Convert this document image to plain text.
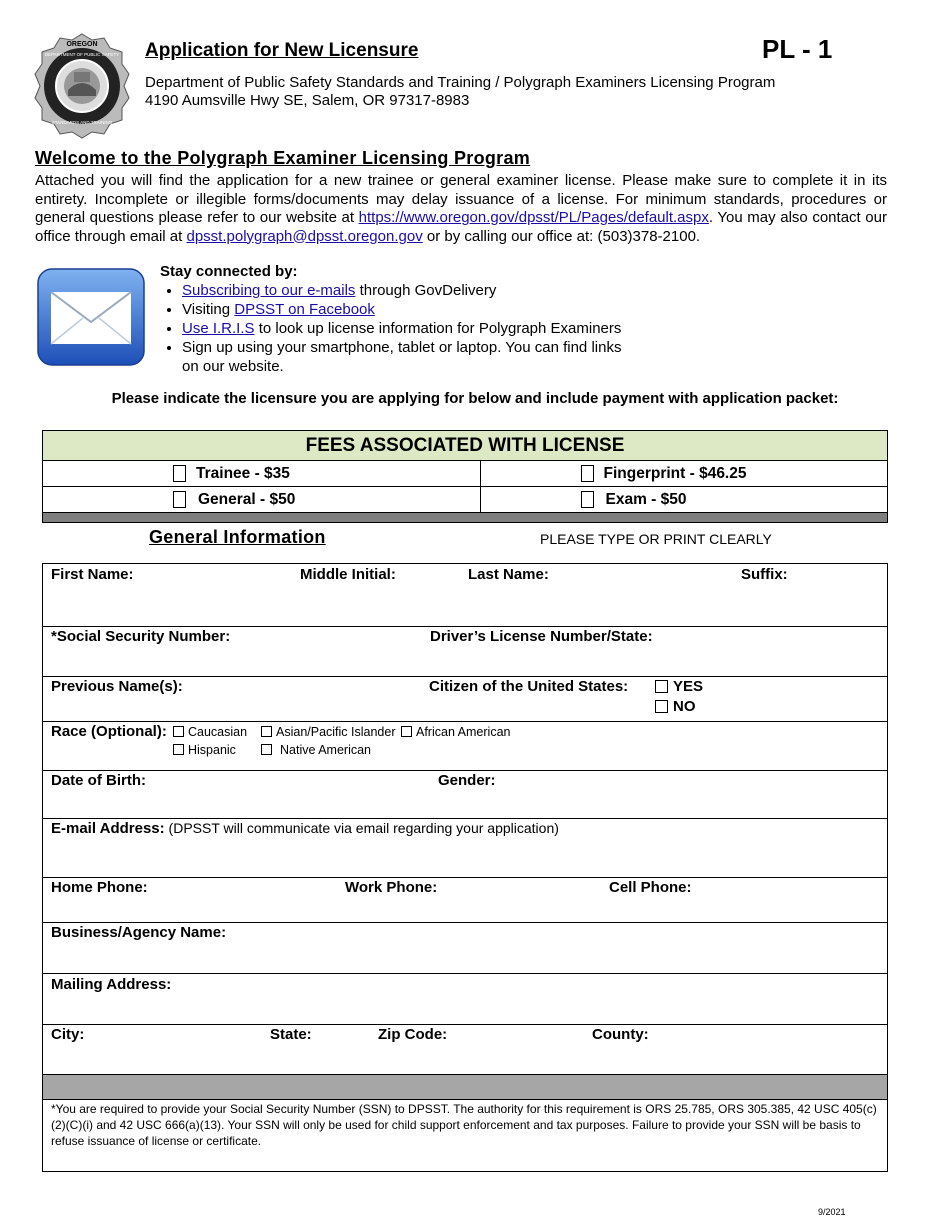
OREGON
DEPARTMENT OF PUBLIC SAFETY
STANDARDS AND TRAINING
Application for New Licensure	PL - 1
Department of Public Safety Standards and Training / Polygraph Examiners Licensing Program
4190 Aumsville Hwy SE, Salem, OR 97317-8983
Welcome to the Polygraph Examiner Licensing Program
Attached you will find the application for a new trainee or general examiner license. Please make sure to complete it in its entirety. Incomplete or illegible forms/documents may delay issuance of a license. For minimum standards, procedures or general questions please refer to our website at https://www.oregon.gov/dpsst/PL/Pages/default.aspx. You may also contact our office through email at dpsst.polygraph@dpsst.oregon.gov or by calling our office at: (503)378-2100.
Stay connected by:
• Subscribing to our e-mails through GovDelivery
• Visiting DPSST on Facebook
• Use I.R.I.S to look up license information for Polygraph Examiners
• Sign up using your smartphone, tablet or laptop. You can find links on our website.
Please indicate the licensure you are applying for below and include payment with application packet:
FEES ASSOCIATED WITH LICENSE
Trainee - $35	Fingerprint - $46.25
General - $50	Exam - $50
General Information	PLEASE TYPE OR PRINT CLEARLY
First Name:	Middle Initial:	Last Name:	Suffix:
*Social Security Number:	Driver’s License Number/State:
Previous Name(s):	Citizen of the United States:	YES
NO
Race (Optional):	Caucasian	Asian/Pacific Islander	African American
Hispanic	Native American
Date of Birth:	Gender:
E-mail Address: (DPSST will communicate via email regarding your application)
Home Phone:	Work Phone:	Cell Phone:
Business/Agency Name:
Mailing Address:
City:	State:	Zip Code:	County:
*You are required to provide your Social Security Number (SSN) to DPSST. The authority for this requirement is ORS 25.785, ORS 305.385, 42 USC 405(c)(2)(C)(i) and 42 USC 666(a)(13). Your SSN will only be used for child support enforcement and tax purposes. Failure to provide your SSN will be basis to refuse issuance of license or certificate.
9/2021
